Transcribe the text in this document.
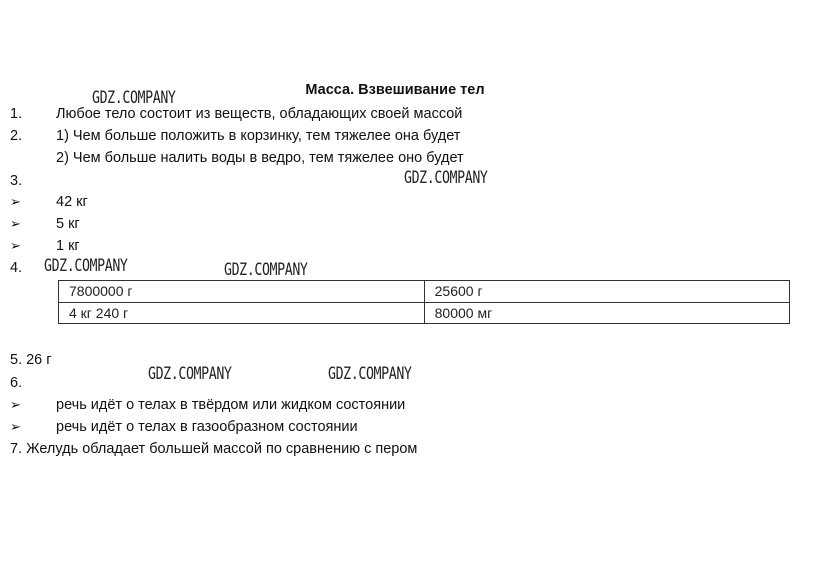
Масса. Взвешивание тел
GDZ.COMPANY
GDZ.COMPANY
GDZ.COMPANY	GDZ.COMPANY
GDZ.COMPANY	GDZ.COMPANY
1. Любое тело состоит из веществ, обладающих своей массой
2. 1) Чем больше положить в корзинку, тем тяжелее она будет
2) Чем больше налить воды в ведро, тем тяжелее оно будет
3.
➢ 42 кг
➢ 5 кг
➢ 1 кг
4.
7800000 г	25600 г
4 кг 240 г	80000 мг
5. 26 г
6.
➢ речь идёт о телах в твёрдом или жидком состоянии
➢ речь идёт о телах в газообразном состоянии
7. Желудь обладает большей массой по сравнению с пером
